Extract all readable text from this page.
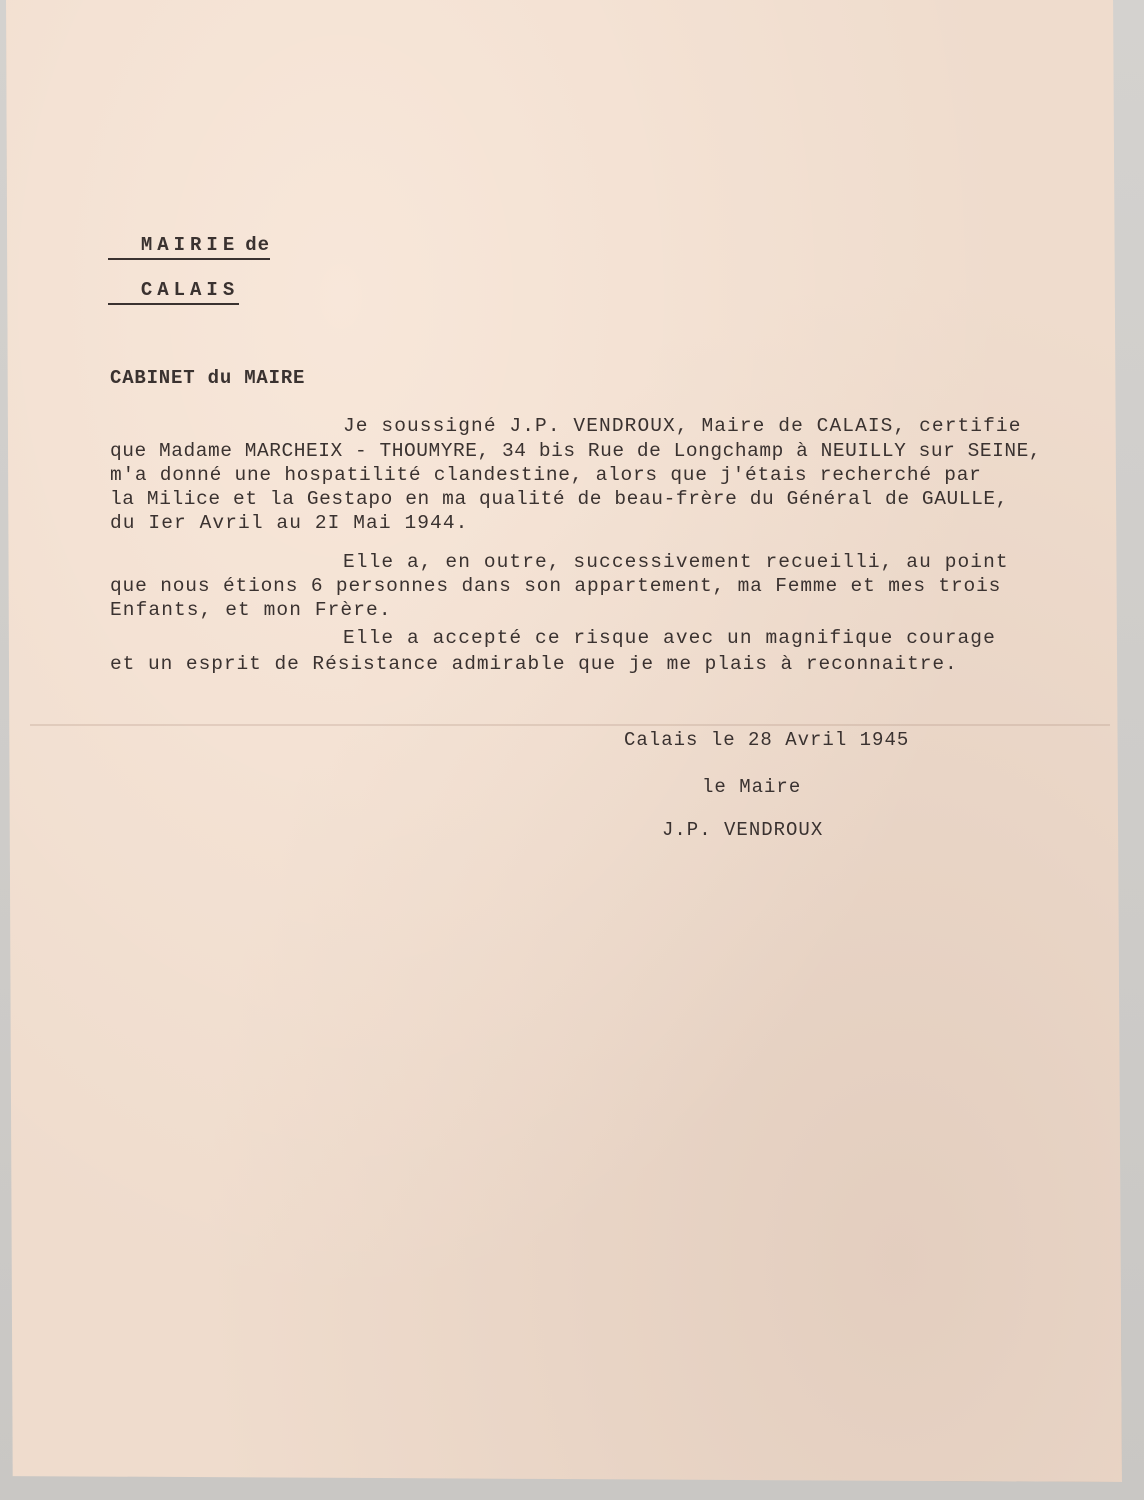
MAIRIE de

CALAIS

CABINET du MAIRE
Je soussigné J.P. VENDROUX, Maire de CALAIS, certifie
que Madame MARCHEIX - THOUMYRE, 34 bis Rue de Longchamp à NEUILLY sur SEINE,
m'a donné une hospatilité clandestine, alors que j'étais recherché par
la Milice et la Gestapo en ma qualité de beau-frère du Général de GAULLE,
du Ier Avril au 2I Mai 1944.
Elle a, en outre, successivement recueilli, au point
que nous étions 6 personnes dans son appartement, ma Femme et mes trois
Enfants, et mon Frère.
Elle a accepté ce risque avec un magnifique courage
et un esprit de Résistance admirable que je me plais à reconnaitre.
Calais le 28 Avril 1945
le Maire
J.P. VENDROUX
